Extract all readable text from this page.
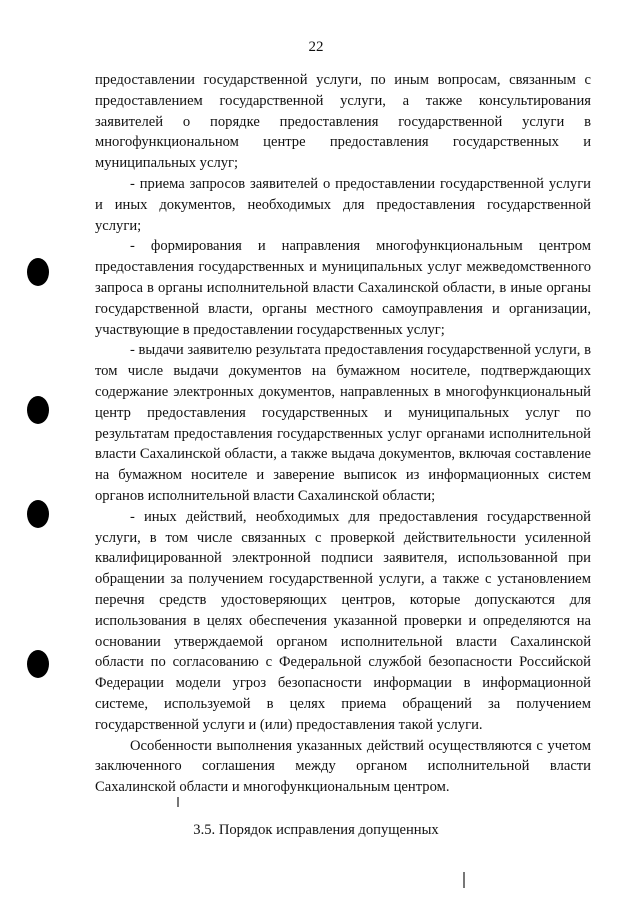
22

предоставлении государственной услуги, по иным вопросам, связанным с предоставлением государственной услуги, а также консультирования заявителей о порядке предоставления государственной услуги в многофункциональном центре предоставления государственных и муниципальных услуг;

- приема запросов заявителей о предоставлении государственной услуги и иных документов, необходимых для предоставления государственной услуги;

- формирования и направления многофункциональным центром предоставления государственных и муниципальных услуг межведомственного запроса в органы исполнительной власти Сахалинской области, в иные органы государственной власти, органы местного самоуправления и организации, участвующие в предоставлении государственных услуг;

- выдачи заявителю результата предоставления государственной услуги, в том числе выдачи документов на бумажном носителе, подтверждающих содержание электронных документов, направленных в многофункциональный центр предоставления государственных и муниципальных услуг по результатам предоставления государственных услуг органами исполнительной власти Сахалинской области, а также выдача документов, включая составление на бумажном носителе и заверение выписок из информационных систем органов исполнительной власти Сахалинской области;

- иных действий, необходимых для предоставления государственной услуги, в том числе связанных с проверкой действительности усиленной квалифицированной электронной подписи заявителя, использованной при обращении за получением государственной услуги, а также с установлением перечня средств удостоверяющих центров, которые допускаются для использования в целях обеспечения указанной проверки и определяются на основании утверждаемой органом исполнительной власти Сахалинской области по согласованию с Федеральной службой безопасности Российской Федерации модели угроз безопасности информации в информационной системе, используемой в целях приема обращений за получением государственной услуги и (или) предоставления такой услуги.

Особенности выполнения указанных действий осуществляются с учетом заключенного соглашения между органом исполнительной власти Сахалинской области и многофункциональным центром.

3.5. Порядок исправления допущенных
